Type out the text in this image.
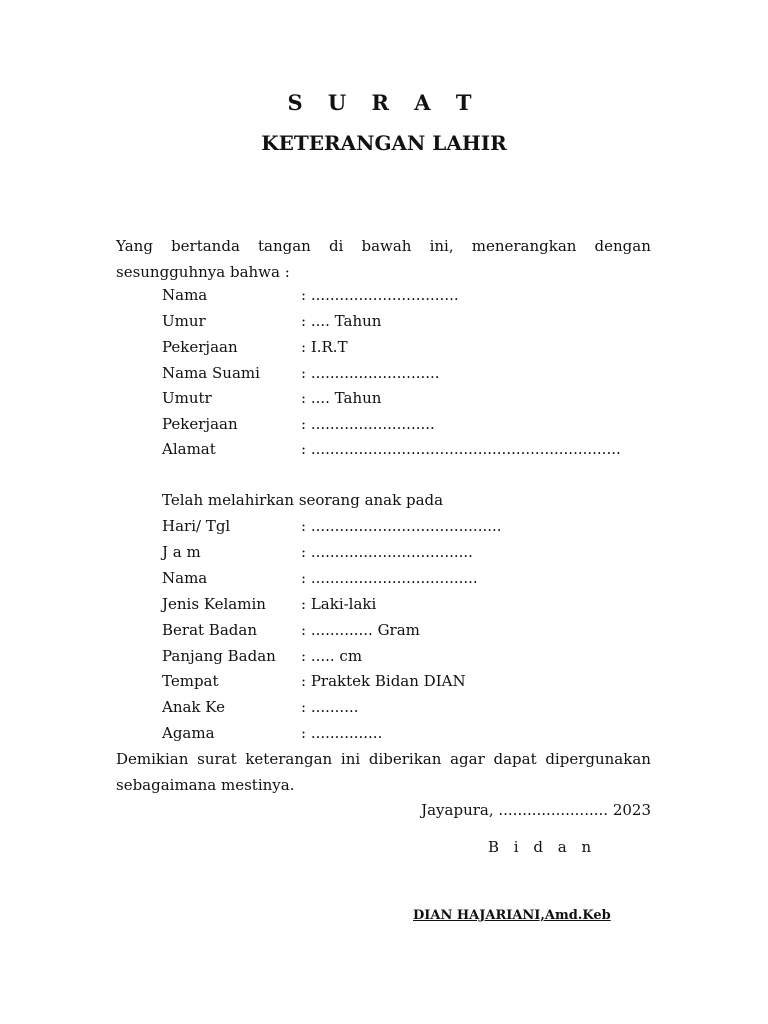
S U R A T
KETERANGAN LAHIR
Yang bertanda tangan di bawah ini, menerangkan dengan
sesungguhnya bahwa :
Nama	: ...............................
Umur	: .... Tahun
Pekerjaan	: I.R.T
Nama Suami	: ...........................
Umutr	: .... Tahun
Pekerjaan	: ..........................
Alamat	: .................................................................
Telah melahirkan seorang anak pada
Hari/ Tgl	: ........................................
J a m	: ..................................
Nama	: ...................................
Jenis Kelamin : Laki-laki
Berat Badan	: ............. Gram
Panjang Badan : ..... cm
Tempat	: Praktek Bidan DIAN
Anak Ke	: ..........
Agama	: ...............
Demikian surat keterangan ini diberikan agar dapat dipergunakan
sebagaimana mestinya.
Jayapura, ....................... 2023
B i d a n
DIAN HAJARIANI,Amd.Keb
